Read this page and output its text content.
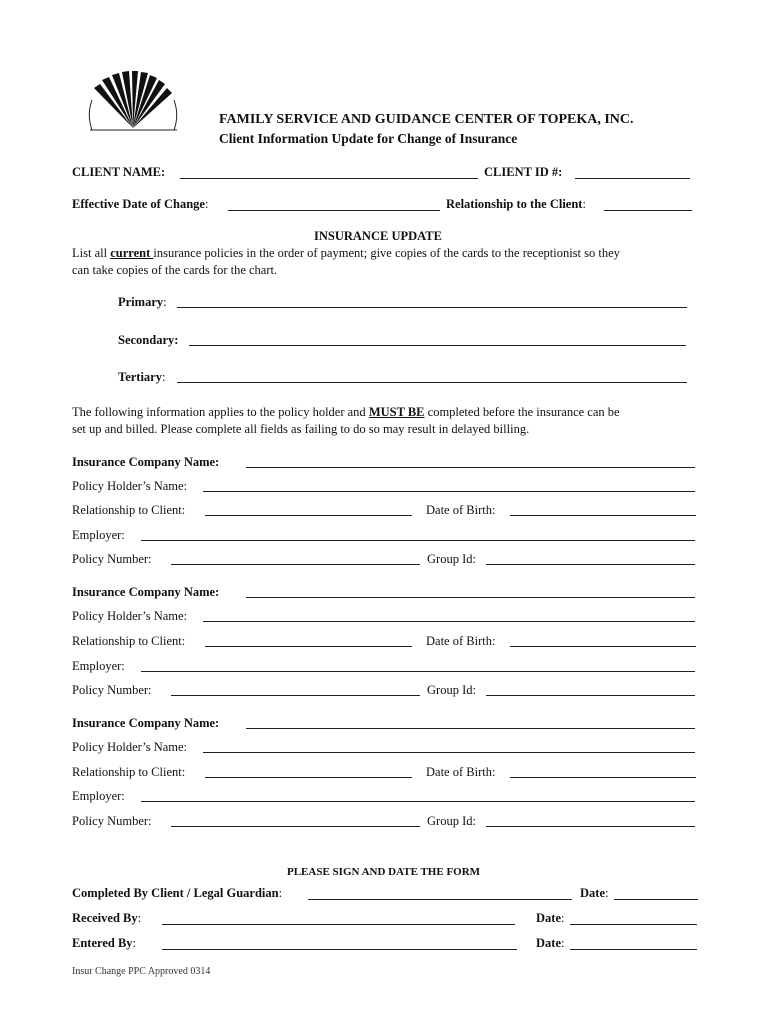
FAMILY SERVICE AND GUIDANCE CENTER OF TOPEKA, INC.
Client Information Update for Change of Insurance
CLIENT NAME:	CLIENT ID #:
Effective Date of Change:	Relationship to the Client:
INSURANCE UPDATE
List all current insurance policies in the order of payment; give copies of the cards to the receptionist so they
can take copies of the cards for the chart.
Primary:
Secondary:
Tertiary:
The following information applies to the policy holder and MUST BE completed before the insurance can be
set up and billed. Please complete all fields as failing to do so may result in delayed billing.
Insurance Company Name:
Policy Holder’s Name:
Relationship to Client:	Date of Birth:
Employer:
Policy Number:	Group Id:
Insurance Company Name:
Policy Holder’s Name:
Relationship to Client:	Date of Birth:
Employer:
Policy Number:	Group Id:
Insurance Company Name:
Policy Holder’s Name:
Relationship to Client:	Date of Birth:
Employer:
Policy Number:	Group Id:
PLEASE SIGN AND DATE THE FORM
Completed By Client / Legal Guardian:	Date:
Received By:	Date:
Entered By:	Date:
Insur Change PPC Approved 0314
